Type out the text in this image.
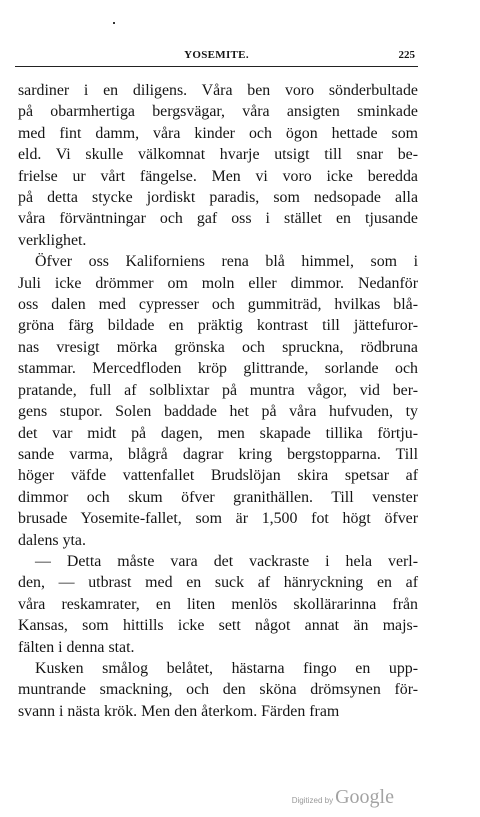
YOSEMITE.	225
sardiner i en diligens. Våra ben voro sönderbultade
på obarmhertiga bergsvägar, våra ansigten sminkade
med fint damm, våra kinder och ögon hettade som
eld. Vi skulle välkomnat hvarje utsigt till snar be-
frielse ur vårt fängelse. Men vi voro icke beredda
på detta stycke jordiskt paradis, som nedsopade alla
våra förväntningar och gaf oss i stället en tjusande
verklighet.
Öfver oss Kaliforniens rena blå himmel, som i
Juli icke drömmer om moln eller dimmor. Nedanför
oss dalen med cypresser och gummiträd, hvilkas blå-
gröna färg bildade en präktig kontrast till jättefuror-
nas vresigt mörka grönska och spruckna, rödbruna
stammar. Mercedfloden kröp glittrande, sorlande och
pratande, full af solblixtar på muntra vågor, vid ber-
gens stupor. Solen baddade het på våra hufvuden, ty
det var midt på dagen, men skapade tillika förtju-
sande varma, blågrå dagrar kring bergstopparna. Till
höger väfde vattenfallet Brudslöjan skira spetsar af
dimmor och skum öfver granithällen. Till venster
brusade Yosemite-fallet, som är 1,500 fot högt öfver
dalens yta.
— Detta måste vara det vackraste i hela verl-
den, — utbrast med en suck af hänryckning en af
våra reskamrater, en liten menlös skollärarinna från
Kansas, som hittills icke sett något annat än majs-
fälten i denna stat.
Kusken smålog belåtet, hästarna fingo en upp-
muntrande smackning, och den sköna drömsynen för-
svann i nästa krök. Men den återkom. Färden fram
Digitized by Google
